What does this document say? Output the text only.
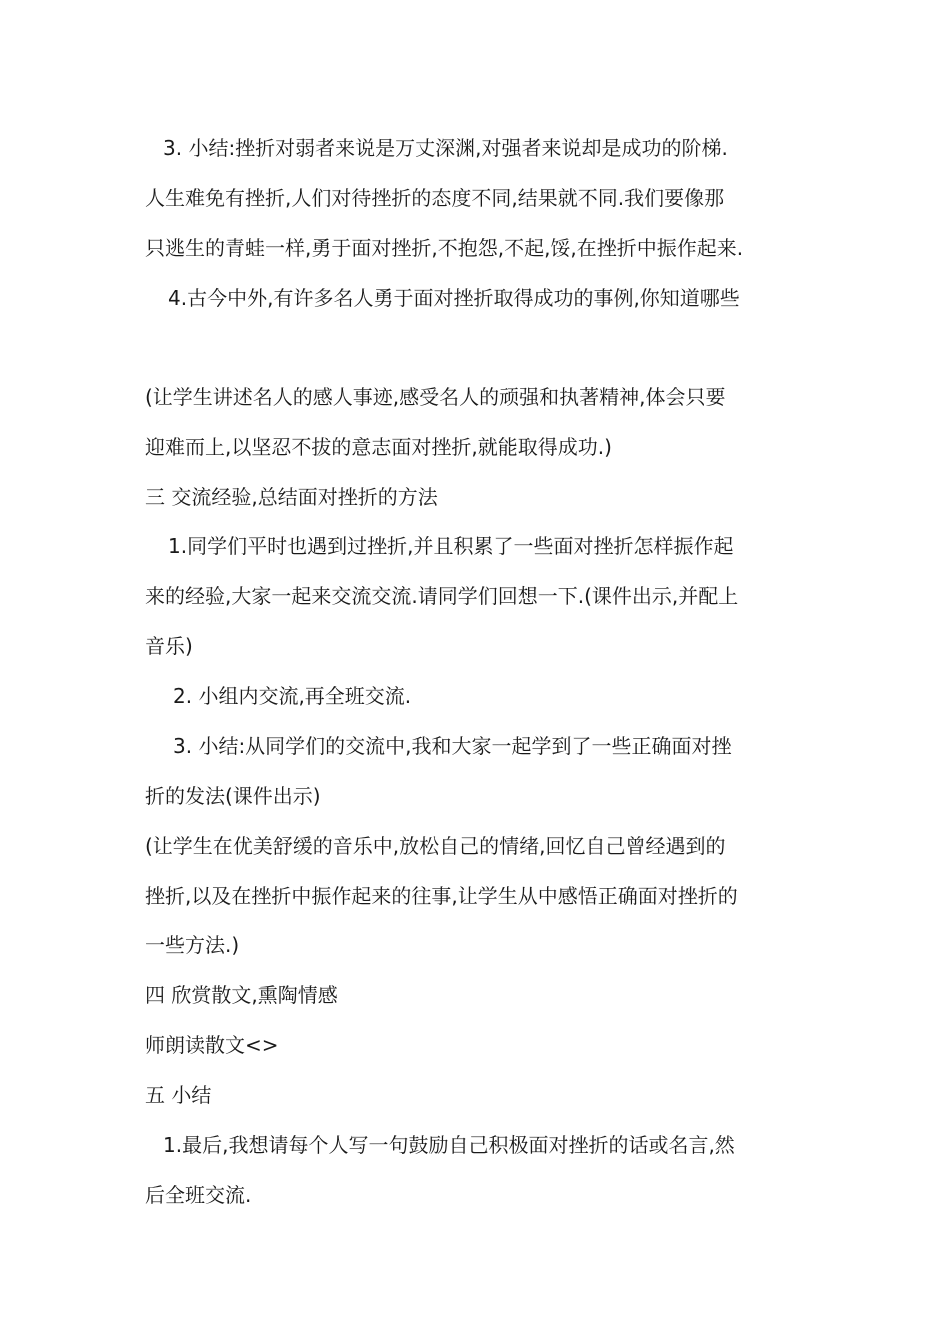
3. 小结:挫折对弱者来说是万丈深渊,对强者来说却是成功的阶梯.

人生难免有挫折,人们对待挫折的态度不同,结果就不同.我们要像那

只逃生的青蛙一样,勇于面对挫折,不抱怨,不起,馁,在挫折中振作起来.

4.古今中外,有许多名人勇于面对挫折取得成功的事例,你知道哪些

(让学生讲述名人的感人事迹,感受名人的顽强和执著精神,体会只要

迎难而上,以坚忍不拔的意志面对挫折,就能取得成功.)

三 交流经验,总结面对挫折的方法

1.同学们平时也遇到过挫折,并且积累了一些面对挫折怎样振作起

来的经验,大家一起来交流交流.请同学们回想一下.(课件出示,并配上

音乐)

2. 小组内交流,再全班交流.

3. 小结:从同学们的交流中,我和大家一起学到了一些正确面对挫

折的发法(课件出示)

(让学生在优美舒缓的音乐中,放松自己的情绪,回忆自己曾经遇到的

挫折,以及在挫折中振作起来的往事,让学生从中感悟正确面对挫折的

一些方法.)

四 欣赏散文,熏陶情感

师朗读散文<>

五 小结

1.最后,我想请每个人写一句鼓励自己积极面对挫折的话或名言,然

后全班交流.
